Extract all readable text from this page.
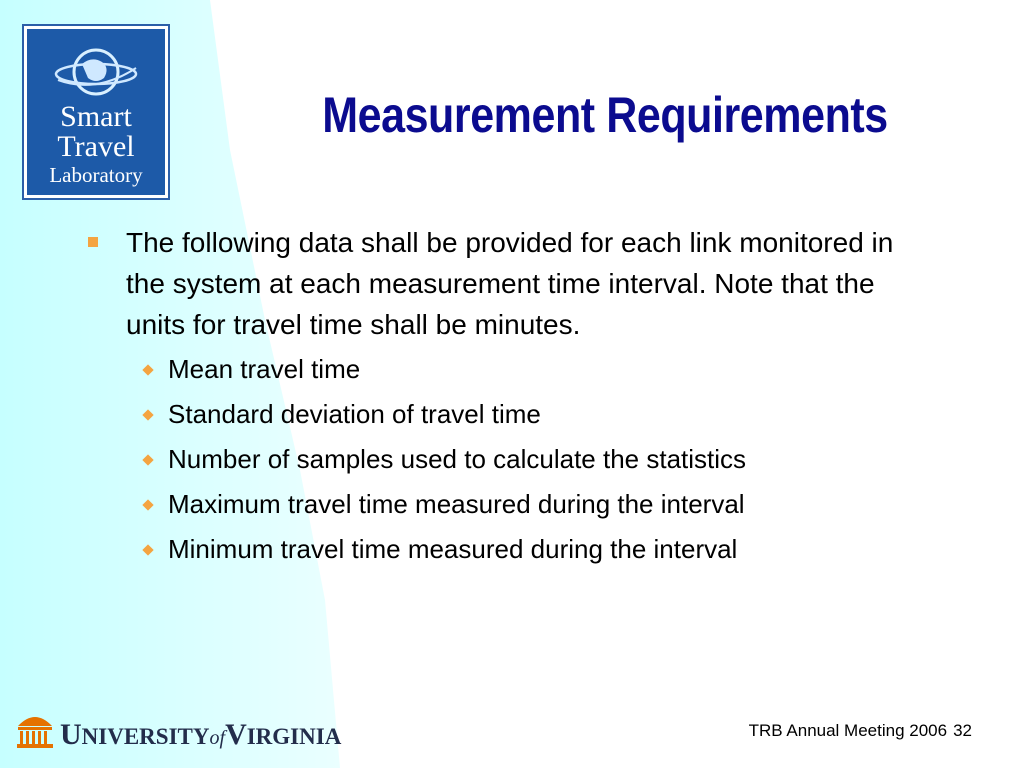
Smart
Travel
Laboratory
Measurement Requirements
The following data shall be provided for each link monitored in the system at each measurement time interval. Note that the units for travel time shall be minutes.
Mean travel time
Standard deviation of travel time
Number of samples used to calculate the statistics
Maximum travel time measured during the interval
Minimum travel time measured during the interval
UNIVERSITYofVIRGINIA	TRB Annual Meeting 2006 32
